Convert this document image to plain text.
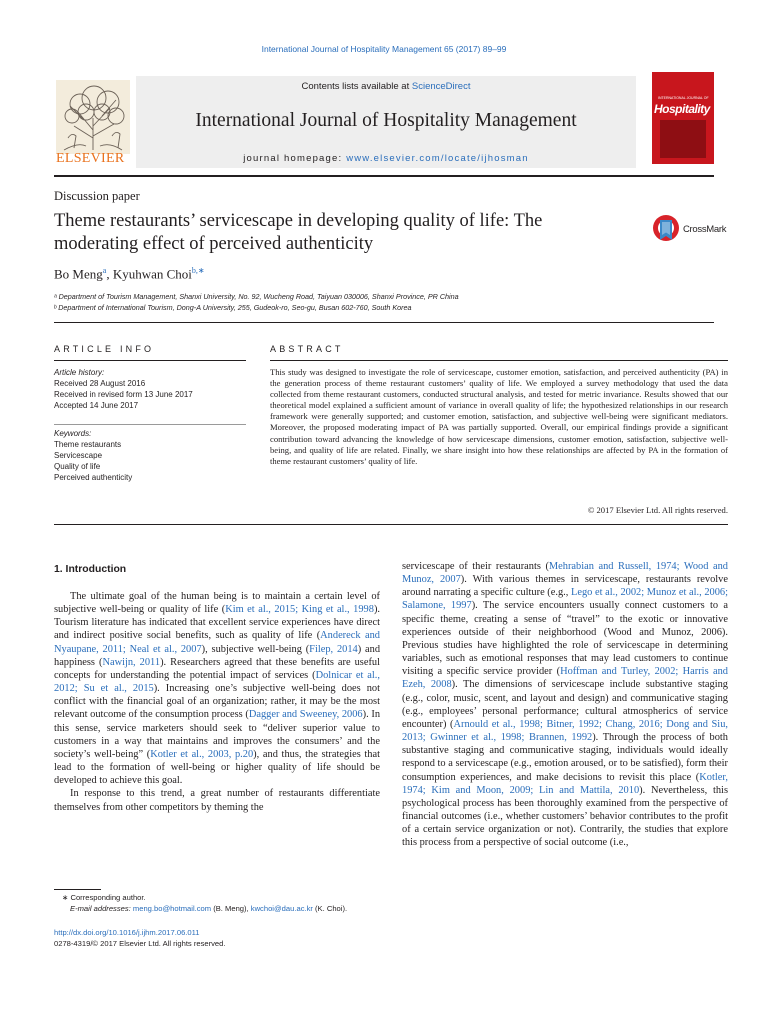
International Journal of Hospitality Management 65 (2017) 89–99
ELSEVIER
Contents lists available at ScienceDirect
International Journal of Hospitality Management
journal homepage: www.elsevier.com/locate/ijhosman
INTERNATIONAL JOURNAL OF
Hospitality
Discussion paper
Theme restaurants’ servicescape in developing quality of life: The moderating effect of perceived authenticity
CrossMark
Bo Meng$^a$, Kyuhwan Choi$^{b,∗}$
ᵃ Department of Tourism Management, Shanxi University, No. 92, Wucheng Road, Taiyuan 030006, Shanxi Province, PR China
ᵇ Department of International Tourism, Dong-A University, 255, Gudeok-ro, Seo-gu, Busan 602-760, South Korea
ARTICLE INFO	ABSTRACT
Article history:
Received 28 August 2016
Received in revised form 13 June 2017
Accepted 14 June 2017
Keywords:
Theme restaurants
Servicescape
Quality of life
Perceived authenticity
This study was designed to investigate the role of servicescape, customer emotion, satisfaction, and perceived authenticity (PA) in the generation process of theme restaurant customers’ quality of life. We employed a survey methodology that used the data collected from theme restaurant customers, conducted structural analysis, and tested for metric invariance. Results showed that our theoretical model explained a sufficient amount of variance in overall quality of life; the hypothesized relationships in our research framework were generally supported; and customer emotion, satisfaction, and subjective well-being were significant mediators. Moreover, the proposed moderating impact of PA was partially supported. Overall, our empirical findings provide a significant contribution toward advancing the knowledge of how servicescape dimensions, customer emotion, satisfaction, subjective well-being, and quality of life are related. Finally, we share insight into how these relationships are affected by PA in the formation of theme restaurant customers’ quality of life.
© 2017 Elsevier Ltd. All rights reserved.
1. Introduction

The ultimate goal of the human being is to maintain a certain level of subjective well-being or quality of life (Kim et al., 2015; King et al., 1998). Tourism literature has indicated that excellent service experiences have direct and indirect positive social benefits, such as quality of life (Andereck and Nyaupane, 2011; Neal et al., 2007), subjective well-being (Filep, 2014) and happiness (Nawijn, 2011). Researchers agreed that these benefits are useful concepts for understanding the potential impact of services (Dolnicar et al., 2012; Su et al., 2015). Increasing one’s subjective well-being does not conflict with the financial goal of an organization; rather, it may be the most relevant outcome of the consumption process (Dagger and Sweeney, 2006). In this sense, service marketers should seek to “deliver superior value to customers in a way that maintains and improves the consumers’ and the society’s well-being” (Kotler et al., 2003, p.20), and thus, the strategies that lead to the formation of well-being or higher quality of life should be developed to achieve this goal.

In response to this trend, a great number of restaurants differentiate themselves from other competitors by theming the

servicescape of their restaurants (Mehrabian and Russell, 1974; Wood and Munoz, 2007). With various themes in servicescape, restaurants revolve around narrating a specific culture (e.g., Lego et al., 2002; Munoz et al., 2006; Salamone, 1997). The service encounters usually connect customers to a specific theme, creating a sense of “travel” to the exotic or innovative experiences outside of their neighborhood (Wood and Munoz, 2006). Previous studies have highlighted the role of servicescape in determining variables, such as emotional responses that may lead customers to continue visiting a specific service provider (Hoffman and Turley, 2002; Harris and Ezeh, 2008). The dimensions of servicescape include substantive staging (e.g., color, music, scent, and layout and design) and communicative staging (e.g., employees’ personal performance; cultural atmospherics of service encounter) (Arnould et al., 1998; Bitner, 1992; Chang, 2016; Dong and Siu, 2013; Gwinner et al., 1998; Brannen, 1992). Through the process of both substantive staging and communicative staging, individuals would ideally respond to a servicescape (e.g., emotion aroused, or to be satisfied), form their consumption experiences, and make decisions to revisit this place (Kotler, 1974; Kim and Moon, 2009; Lin and Mattila, 2010). Nevertheless, this psychological process has been thoroughly examined from the perspective of financial outcomes (i.e., whether customers’ behavior contributes to the profit of a certain service organization or not). Contrarily, the studies that explore this process from a perspective of social outcome (i.e.,

∗ Corresponding author.
E-mail addresses: meng.bo@hotmail.com (B. Meng), kwchoi@dau.ac.kr (K. Choi).
http://dx.doi.org/10.1016/j.ijhm.2017.06.011
0278-4319/© 2017 Elsevier Ltd. All rights reserved.
